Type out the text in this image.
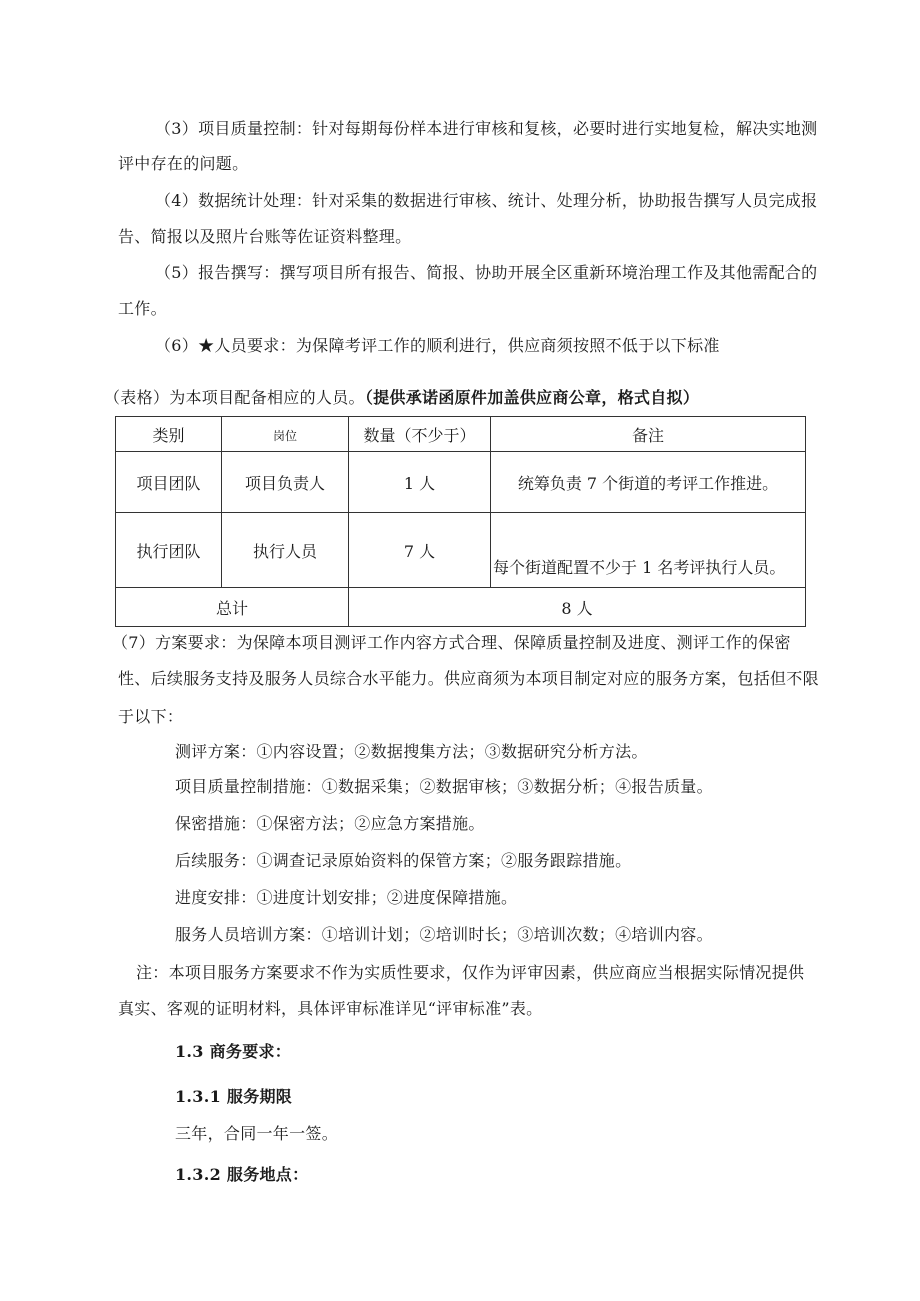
（3）项目质量控制：针对每期每份样本进行审核和复核，必要时进行实地复检，解决实地测
评中存在的问题。
（4）数据统计处理：针对采集的数据进行审核、统计、处理分析，协助报告撰写人员完成报
告、简报以及照片台账等佐证资料整理。
（5）报告撰写：撰写项目所有报告、简报、协助开展全区重新环境治理工作及其他需配合的
工作。
（6）★人员要求：为保障考评工作的顺利进行，供应商须按照不低于以下标准
（表格）为本项目配备相应的人员。（提供承诺函原件加盖供应商公章，格式自拟）
类别	岗位	数量（不少于）	备注
项目团队	项目负责人	1 人	统筹负责 7 个街道的考评工作推进。
执行团队	执行人员	7 人	每个街道配置不少于 1 名考评执行人员。

总计		8 人	
（7）方案要求：为保障本项目测评工作内容方式合理、保障质量控制及进度、测评工作的保密
性、后续服务支持及服务人员综合水平能力。供应商须为本项目制定对应的服务方案，包括但不限
于以下：
测评方案：①内容设置；②数据搜集方法；③数据研究分析方法。
项目质量控制措施：①数据采集；②数据审核；③数据分析；④报告质量。
保密措施：①保密方法；②应急方案措施。
后续服务：①调查记录原始资料的保管方案；②服务跟踪措施。
进度安排：①进度计划安排；②进度保障措施。
服务人员培训方案：①培训计划；②培训时长；③培训次数；④培训内容。
注：本项目服务方案要求不作为实质性要求，仅作为评审因素，供应商应当根据实际情况提供
真实、客观的证明材料，具体评审标准详见“评审标准”表。
1.3 商务要求：
1.3.1 服务期限
三年，合同一年一签。
1.3.2 服务地点：
